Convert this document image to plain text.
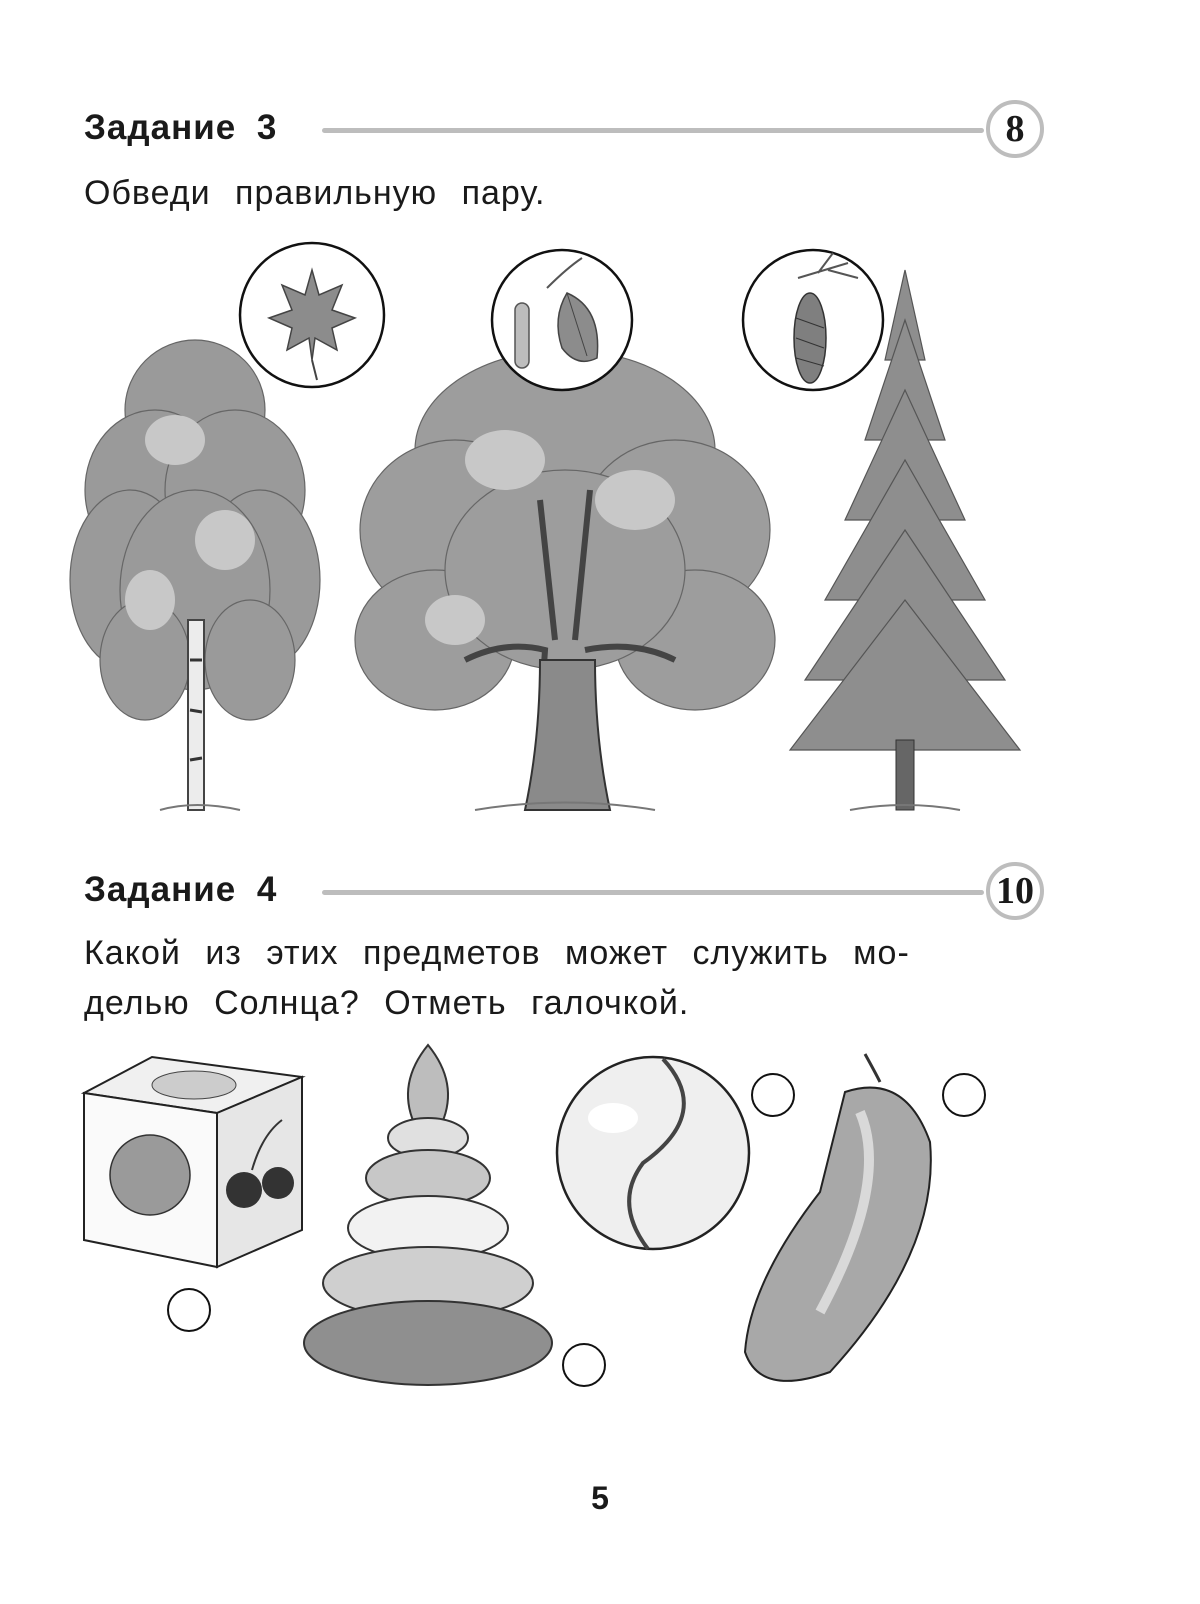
Задание 3	8
Обведи правильную пару.
Задание 4	10
Какой из этих предметов может служить мо-
делью Солнца? Отметь галочкой.
5
